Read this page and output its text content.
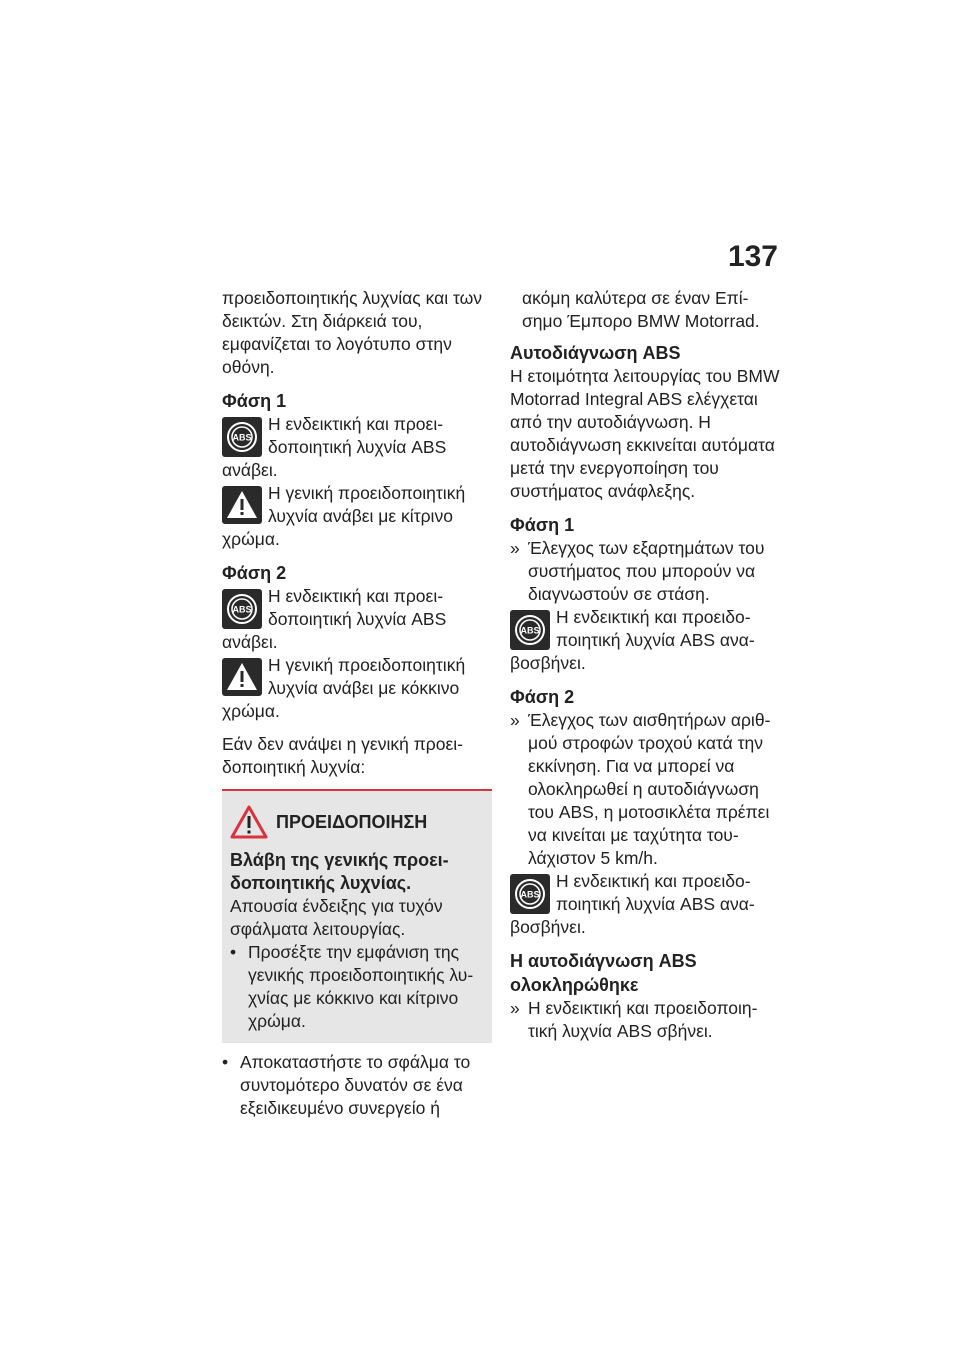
137

προειδοποιητικής λυχνίας και των δεικτών. Στη διάρκειά του, εμφανίζεται το λογότυπο στην οθόνη.

Φάση 1
ABS
Η ενδεικτική και προειδοποιητική λυχνία ABS ανάβει.
Η γενική προειδοποιητική λυχνία ανάβει με κίτρινο χρώμα.
Φάση 2
ABS
Η ενδεικτική και προειδοποιητική λυχνία ABS ανάβει.
Η γενική προειδοποιητική λυχνία ανάβει με κόκκινο χρώμα.

Εάν δεν ανάψει η γενική προειδοποιητική λυχνία:

ΠΡΟΕΙΔΟΠΟΙΗΣΗ
Βλάβη της γενικής προειδοποιητικής λυχνίας.

Απουσία ένδειξης για τυχόν σφάλματα λειτουργίας.

• Προσέξτε την εμφάνιση της γενικής προειδοποιητικής λυχνίας με κόκκινο και κίτρινο χρώμα.
• Αποκαταστήστε το σφάλμα το συντομότερο δυνατόν σε ένα εξειδικευμένο συνεργείο ή

ακόμη καλύτερα σε έναν Επίσημο Έμπορο BMW Motorrad.

Αυτοδιάγνωση ABS

Η ετοιμότητα λειτουργίας του BMW Motorrad Integral ABS ελέγχεται από την αυτοδιάγνωση. Η αυτοδιάγνωση εκκινείται αυτόματα μετά την ενεργοποίηση του συστήματος ανάφλεξης.

Φάση 1
» Έλεγχος των εξαρτημάτων του συστήματος που μπορούν να διαγνωστούν σε στάση.
ABS
Η ενδεικτική και προειδοποιητική λυχνία ABS αναβοσβήνει.
Φάση 2
» Έλεγχος των αισθητήρων αριθμού στροφών τροχού κατά την εκκίνηση. Για να μπορεί να ολοκληρωθεί η αυτοδιάγνωση του ABS, η μοτοσικλέτα πρέπει να κινείται με ταχύτητα τουλάχιστον 5 km/h.
ABS
Η ενδεικτική και προειδοποιητική λυχνία ABS αναβοσβήνει.
Η αυτοδιάγνωση ABS ολοκληρώθηκε
» Η ενδεικτική και προειδοποιητική λυχνία ABS σβήνει.
